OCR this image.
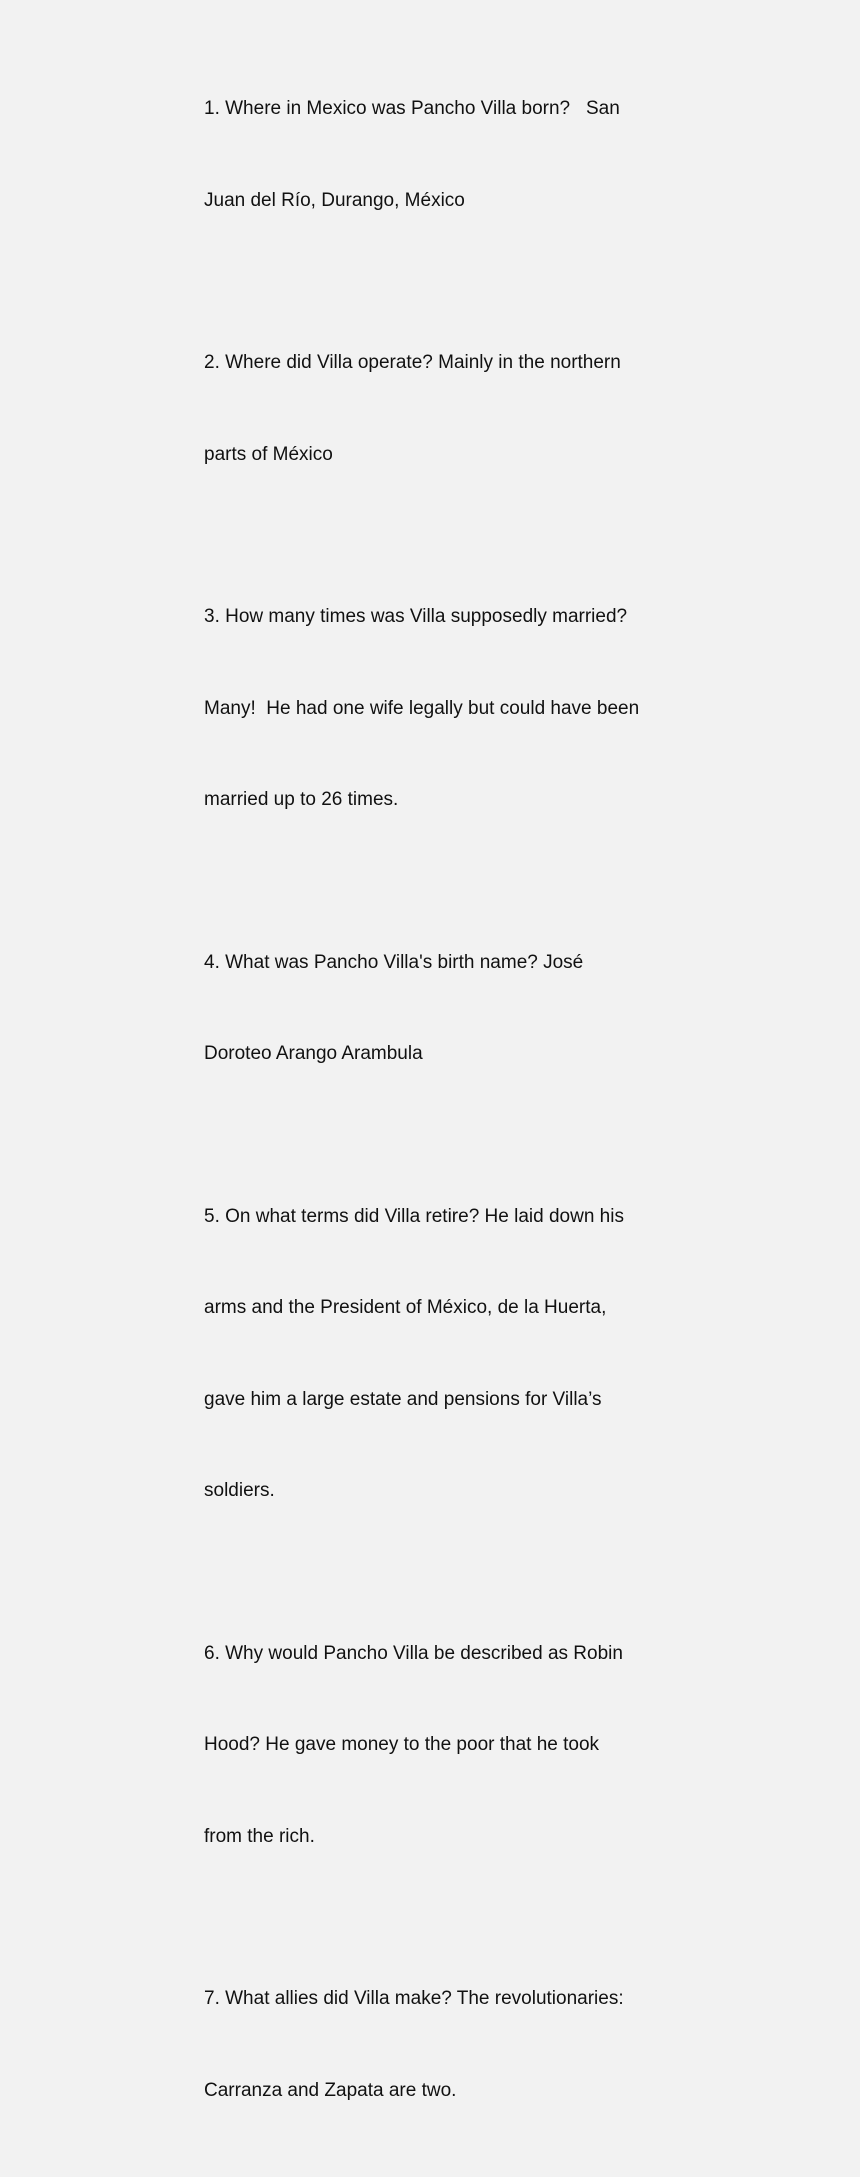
1. Where in Mexico was Pancho Villa born?   San

Juan del Río, Durango, México

2. Where did Villa operate? Mainly in the northern

parts of México

3. How many times was Villa supposedly married?

Many!  He had one wife legally but could have been

married up to 26 times.

4. What was Pancho Villa's birth name? José

Doroteo Arango Arambula

5. On what terms did Villa retire? He laid down his

arms and the President of México, de la Huerta,

gave him a large estate and pensions for Villa’s

soldiers.

6. Why would Pancho Villa be described as Robin

Hood? He gave money to the poor that he took

from the rich.

7. What allies did Villa make? The revolutionaries:

Carranza and Zapata are two.
